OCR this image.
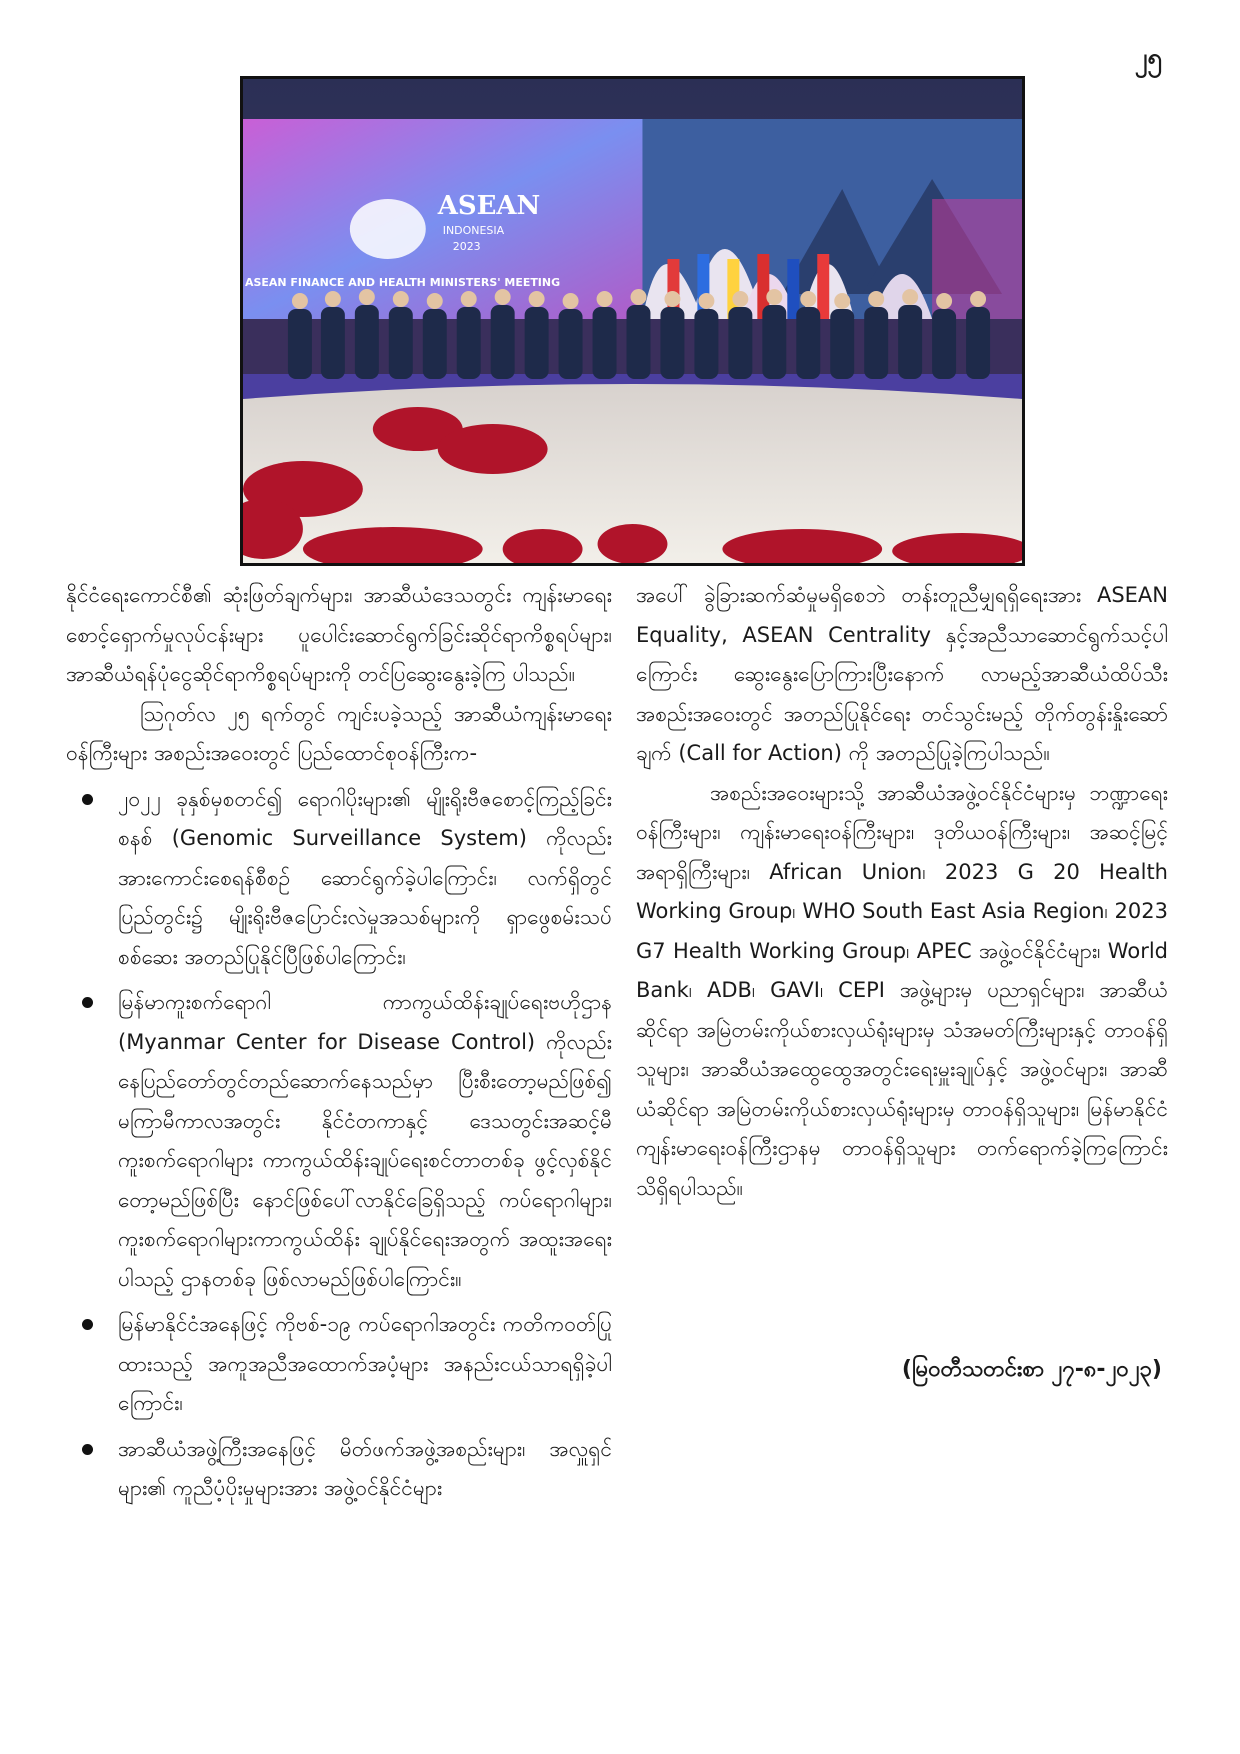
၂၅
ASEAN
INDONESIA
2023
ASEAN FINANCE AND HEALTH MINISTERS' MEETING

နိုင်ငံရေးကောင်စီ၏ ဆုံးဖြတ်ချက်များ၊ အာဆီယံဒေသတွင်း ကျန်းမာရေးစောင့်ရှောက်မှုလုပ်ငန်းများ ပူပေါင်းဆောင်ရွက်ခြင်းဆိုင်ရာကိစ္စရပ်များ၊ အာဆီယံရန်ပုံငွေဆိုင်ရာကိစ္စရပ်များကို တင်ပြဆွေးနွေးခဲ့ကြ ပါသည်။

ဩဂုတ်လ ၂၅ ရက်တွင် ကျင်းပခဲ့သည့် အာဆီယံကျန်းမာရေးဝန်ကြီးများ အစည်းအဝေးတွင် ပြည်ထောင်စုဝန်ကြီးက-

၂၀၂၂ ခုနှစ်မှစတင်၍ ရောဂါပိုးများ၏ မျိုးရိုးဗီဇစောင့်ကြည့်ခြင်းစနစ် (Genomic Surveillance System) ကိုလည်း အားကောင်းစေရန်စီစဉ် ဆောင်ရွက်ခဲ့ပါကြောင်း၊ လက်ရှိတွင် ပြည်တွင်း၌ မျိုးရိုးဗီဇပြောင်းလဲမှုအသစ်များကို ရှာဖွေစမ်းသပ်စစ်ဆေး အတည်ပြုနိုင်ပြီဖြစ်ပါကြောင်း၊
မြန်မာကူးစက်ရောဂါ ကာကွယ်ထိန်းချုပ်ရေးဗဟိုဌာန (Myanmar Center for Disease Control) ကိုလည်း နေပြည်တော်တွင်တည်ဆောက်နေသည်မှာ ပြီးစီးတော့မည်ဖြစ်၍ မကြာမီကာလအတွင်း နိုင်ငံတကာနှင့် ဒေသတွင်းအဆင့်မီ ကူးစက်ရောဂါများ ကာကွယ်ထိန်းချုပ်ရေးစင်တာတစ်ခု ဖွင့်လှစ်နိုင်တော့မည်ဖြစ်ပြီး နောင်ဖြစ်ပေါ်လာနိုင်ခြေရှိသည့် ကပ်ရောဂါများ၊ ကူးစက်ရောဂါများကာကွယ်ထိန်း ချုပ်နိုင်ရေးအတွက် အထူးအရေးပါသည့် ဌာနတစ်ခု ဖြစ်လာမည်ဖြစ်ပါကြောင်း။
မြန်မာနိုင်ငံအနေဖြင့် ကိုဗစ်-၁၉ ကပ်ရောဂါအတွင်း ကတိကဝတ်ပြုထားသည့် အကူအညီအထောက်အပံ့များ အနည်းငယ်သာရရှိခဲ့ပါကြောင်း၊
အာဆီယံအဖွဲ့ကြီးအနေဖြင့် မိတ်ဖက်အဖွဲ့အစည်းများ၊ အလှူရှင်များ၏ ကူညီပံ့ပိုးမှုများအား အဖွဲ့ဝင်နိုင်ငံများ

အပေါ် ခွဲခြားဆက်ဆံမှုမရှိစေဘဲ တန်းတူညီမျှရရှိရေးအား ASEAN Equality, ASEAN Centrality နှင့်အညီသာဆောင်ရွက်သင့်ပါကြောင်း ဆွေးနွေးပြောကြားပြီးနောက် လာမည့်အာဆီယံထိပ်သီးအစည်းအဝေးတွင် အတည်ပြုနိုင်ရေး တင်သွင်းမည့် တိုက်တွန်းနှိုးဆော်ချက် (Call for Action) ကို အတည်ပြုခဲ့ကြပါသည်။

အစည်းအဝေးများသို့ အာဆီယံအဖွဲ့ဝင်နိုင်ငံများမှ ဘဏ္ဍာရေးဝန်ကြီးများ၊ ကျန်းမာရေးဝန်ကြီးများ၊ ဒုတိယဝန်ကြီးများ၊ အဆင့်မြင့်အရာရှိကြီးများ၊ African Union၊ 2023 G 20 Health Working Group၊ WHO South East Asia Region၊ 2023 G7 Health Working Group၊ APEC အဖွဲ့ဝင်နိုင်ငံများ၊ World Bank၊ ADB၊ GAVI၊ CEPI အဖွဲ့များမှ ပညာရှင်များ၊ အာဆီယံဆိုင်ရာ အမြဲတမ်းကိုယ်စားလှယ်ရုံးများမှ သံအမတ်ကြီးများနှင့် တာဝန်ရှိသူများ၊ အာဆီယံအထွေထွေအတွင်းရေးမှူးချုပ်နှင့် အဖွဲ့ဝင်များ၊ အာဆီယံဆိုင်ရာ အမြဲတမ်းကိုယ်စားလှယ်ရုံးများမှ တာဝန်ရှိသူများ၊ မြန်မာနိုင်ငံ ကျန်းမာရေးဝန်ကြီးဌာနမှ တာဝန်ရှိသူများ တက်ရောက်ခဲ့ကြကြောင်း သိရှိရပါသည်။

(မြဝတီသတင်းစာ ၂၇-၈-၂၀၂၃)
